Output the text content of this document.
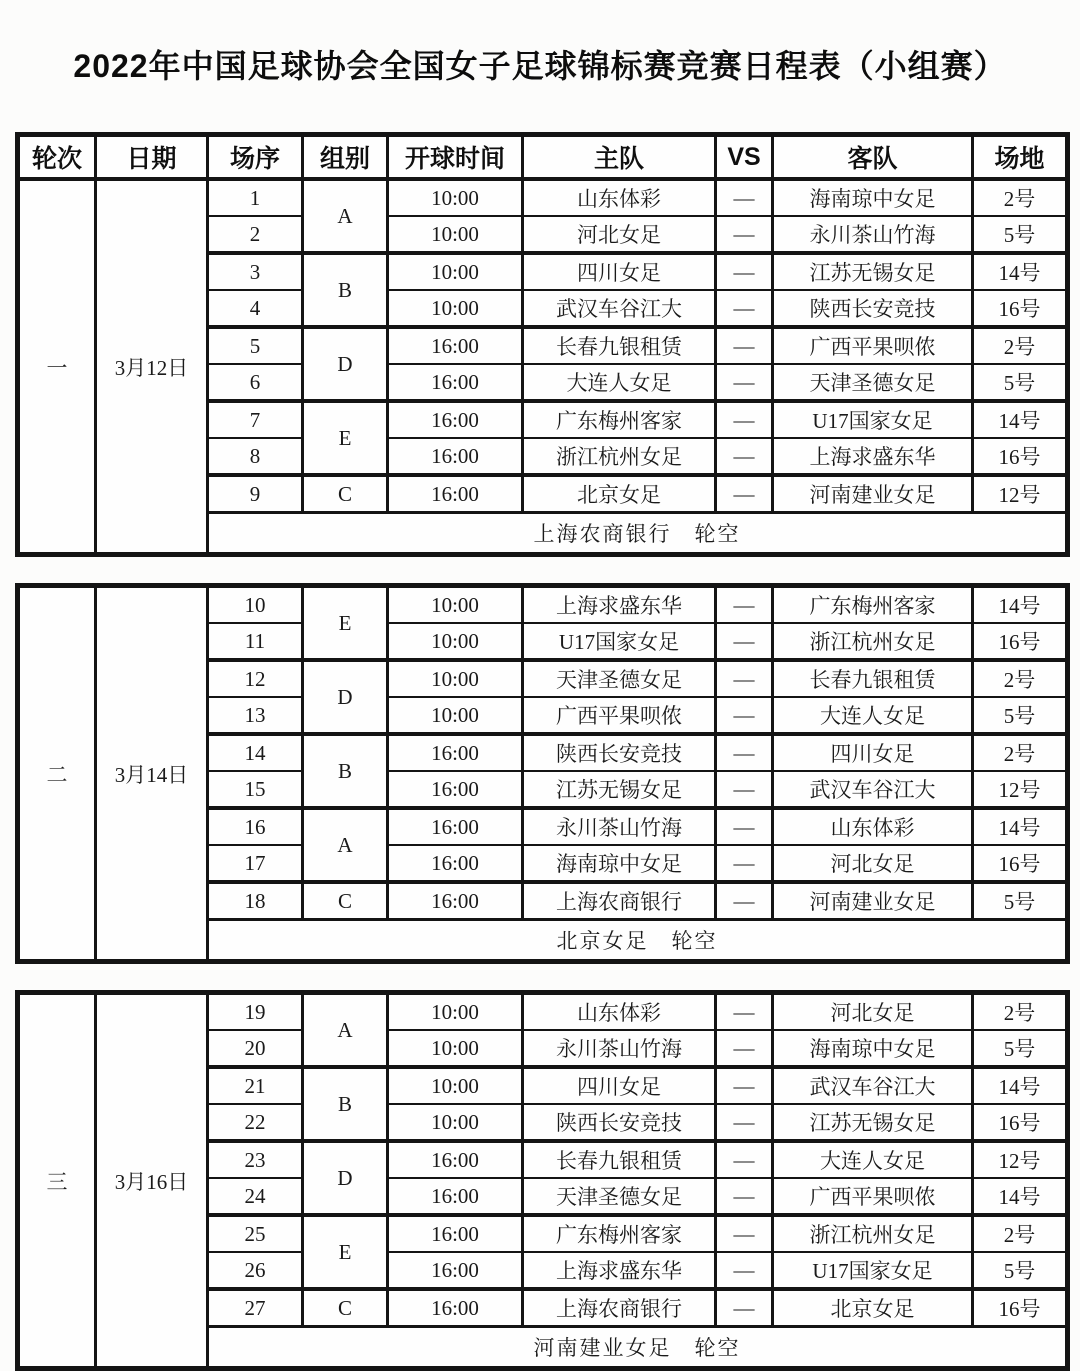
2022年中国足球协会全国女子足球锦标赛竞赛日程表（小组赛）
轮次	日期	场序	组别	开球时间	主队	VS	客队	场地
一	3月12日	1	A	10:00	山东体彩	—	海南琼中女足	2号
		2		10:00	河北女足	—	永川茶山竹海	5号
		3	B	10:00	四川女足	—	江苏无锡女足	14号
		4		10:00	武汉车谷江大	—	陕西长安竞技	16号
		5	D	16:00	长春九银租赁	—	广西平果呗侬	2号
		6		16:00	大连人女足	—	天津圣德女足	5号
		7	E	16:00	广东梅州客家	—	U17国家女足	14号
		8		16:00	浙江杭州女足	—	上海求盛东华	16号
		9	C	16:00	北京女足	—	河南建业女足	12号
		上海农商银行　轮空						
二	3月14日	10	E	10:00	上海求盛东华	—	广东梅州客家	14号
		11		10:00	U17国家女足	—	浙江杭州女足	16号
		12	D	10:00	天津圣德女足	—	长春九银租赁	2号
		13		10:00	广西平果呗侬	—	大连人女足	5号
		14	B	16:00	陕西长安竞技	—	四川女足	2号
		15		16:00	江苏无锡女足	—	武汉车谷江大	12号
		16	A	16:00	永川茶山竹海	—	山东体彩	14号
		17		16:00	海南琼中女足	—	河北女足	16号
		18	C	16:00	上海农商银行	—	河南建业女足	5号
		北京女足　轮空						
三	3月16日	19	A	10:00	山东体彩	—	河北女足	2号
		20		10:00	永川茶山竹海	—	海南琼中女足	5号
		21	B	10:00	四川女足	—	武汉车谷江大	14号
		22		10:00	陕西长安竞技	—	江苏无锡女足	16号
		23	D	16:00	长春九银租赁	—	大连人女足	12号
		24		16:00	天津圣德女足	—	广西平果呗侬	14号
		25	E	16:00	广东梅州客家	—	浙江杭州女足	2号
		26		16:00	上海求盛东华	—	U17国家女足	5号
		27	C	16:00	上海农商银行	—	北京女足	16号
		河南建业女足　轮空						
